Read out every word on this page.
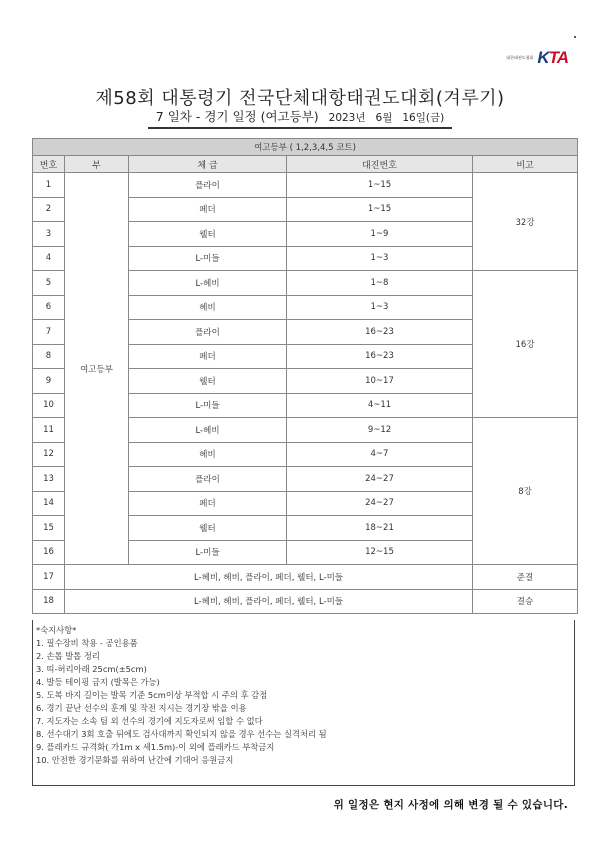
대한태권도협회 KTA
제58회 대통령기 전국단체대항태권도대회(겨루기)
7 일차 - 경기 일정 (여고등부) 2023년 6월 16일(금)
여고등부 ( 1,2,3,4,5 코트)				
번호	부	체 급	대진번호	비고
1	여고등부	플라이	1~15	32강
2		페더	1~15	
3		웰터	1~9	
4		L-미들	1~3	
5		L-헤비	1~8	16강
6		헤비	1~3	
7		플라이	16~23	
8		페더	16~23	
9		웰터	10~17	
10		L-미들	4~11	
11		L-헤비	9~12	8강
12		헤비	4~7	
13		플라이	24~27	
14		페더	24~27	
15		웰터	18~21	
16		L-미들	12~15	
17	L-헤비, 헤비, 플라이, 페더, 웰터, L-미들			준결
18	L-헤비, 헤비, 플라이, 페더, 웰터, L-미들			결승
*숙지사항*
1. 필수장비 착용 - 공인용품
2. 손톱 발톱 정리
3. 띠-허리아래 25cm(±5cm)
4. 발등 테이핑 금지 (발목은 가능)
5. 도복 바지 길이는 발목 기준 5cm이상 부적합 시 주의 후 감점
6. 경기 끝난 선수의 훈계 및 작전 지시는 경기장 밖을 이용
7. 지도자는 소속 팀 외 선수의 경기에 지도자로써 임할 수 없다
8. 선수대기 3회 호출 뒤에도 검사대까지 확인되지 않을 경우 선수는 실격처리 됨
9. 플래카드 규격화( 가1m x 세1.5m)-이 외에 플래카드 부착금지
10. 안전한 경기문화를 위하여 난간에 기대어 응원금지
위 일정은 현지 사정에 의해 변경 될 수 있습니다.
